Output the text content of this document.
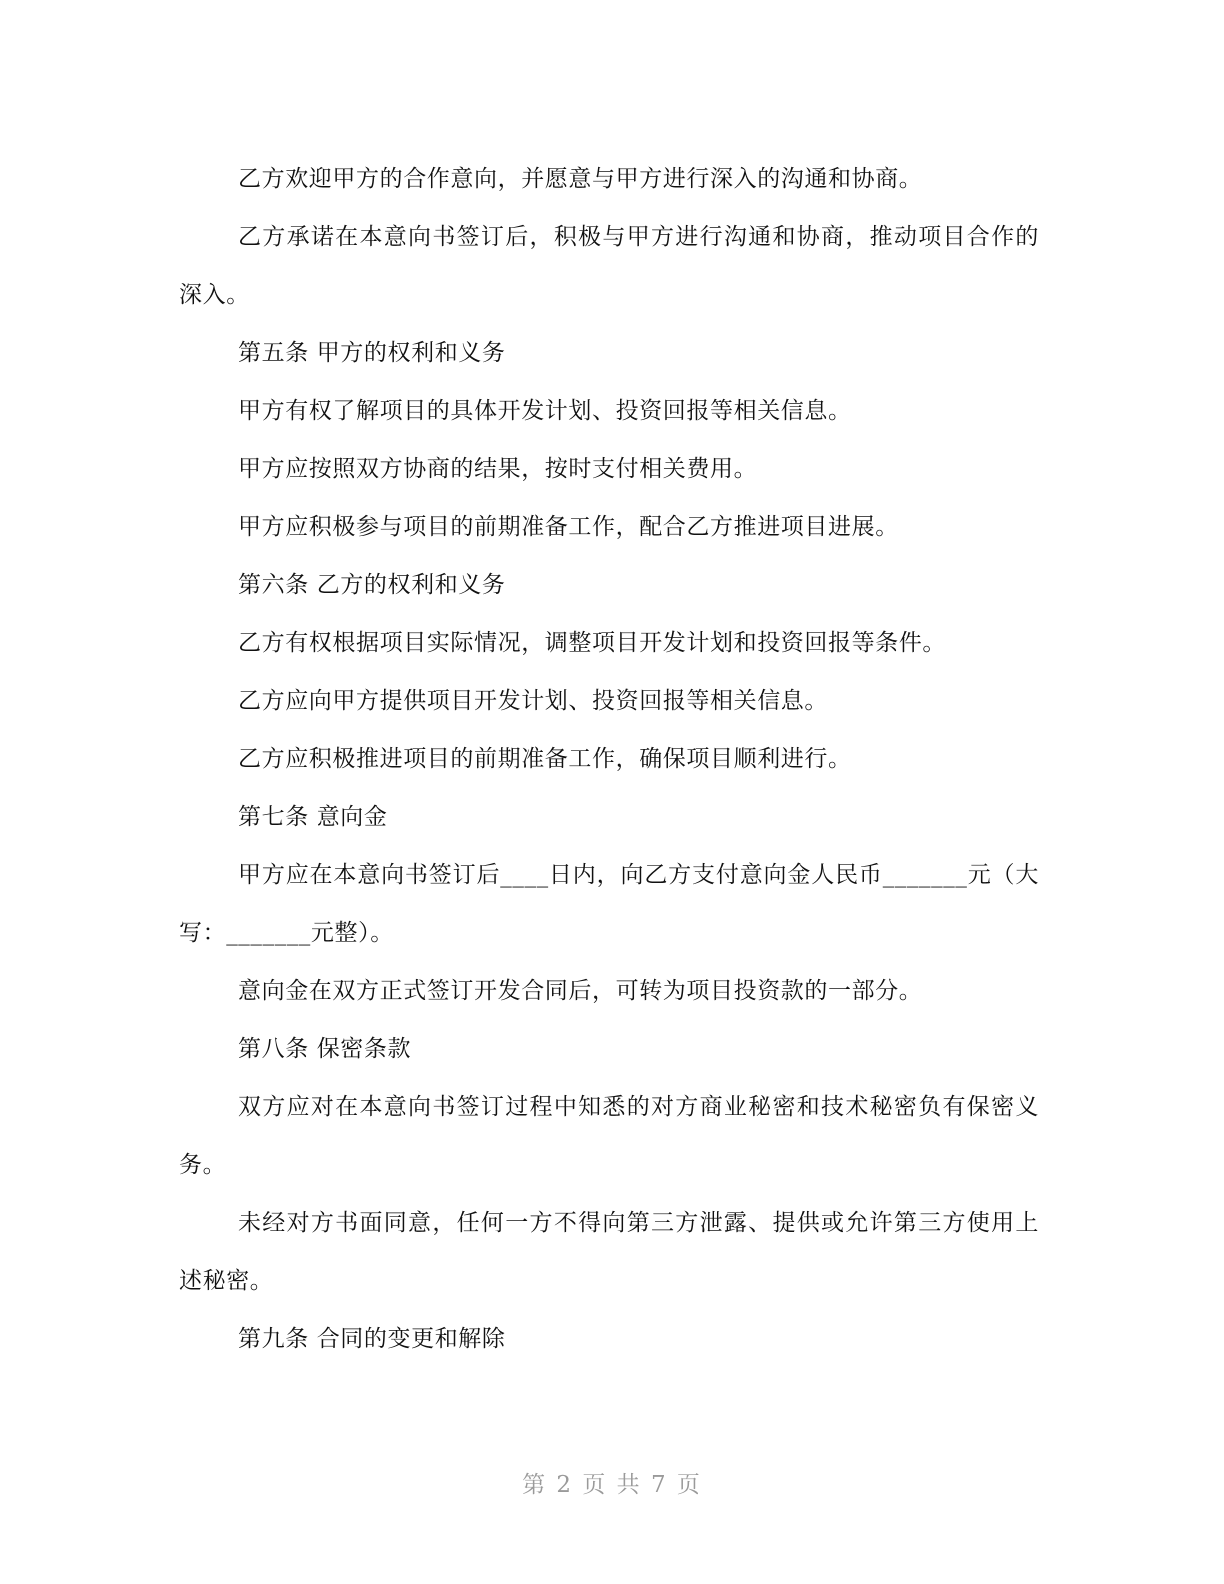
乙方欢迎甲方的合作意向，并愿意与甲方进行深入的沟通和协商。

乙方承诺在本意向书签订后，积极与甲方进行沟通和协商，推动项目合作的深入。

第五条 甲方的权利和义务

甲方有权了解项目的具体开发计划、投资回报等相关信息。

甲方应按照双方协商的结果，按时支付相关费用。

甲方应积极参与项目的前期准备工作，配合乙方推进项目进展。

第六条 乙方的权利和义务

乙方有权根据项目实际情况，调整项目开发计划和投资回报等条件。

乙方应向甲方提供项目开发计划、投资回报等相关信息。

乙方应积极推进项目的前期准备工作，确保项目顺利进行。

第七条 意向金

甲方应在本意向书签订后____日内，向乙方支付意向金人民币_______元（大写：_______元整）。

意向金在双方正式签订开发合同后，可转为项目投资款的一部分。

第八条 保密条款

双方应对在本意向书签订过程中知悉的对方商业秘密和技术秘密负有保密义务。

未经对方书面同意，任何一方不得向第三方泄露、提供或允许第三方使用上述秘密。

第九条 合同的变更和解除

第 2 页 共 7 页
